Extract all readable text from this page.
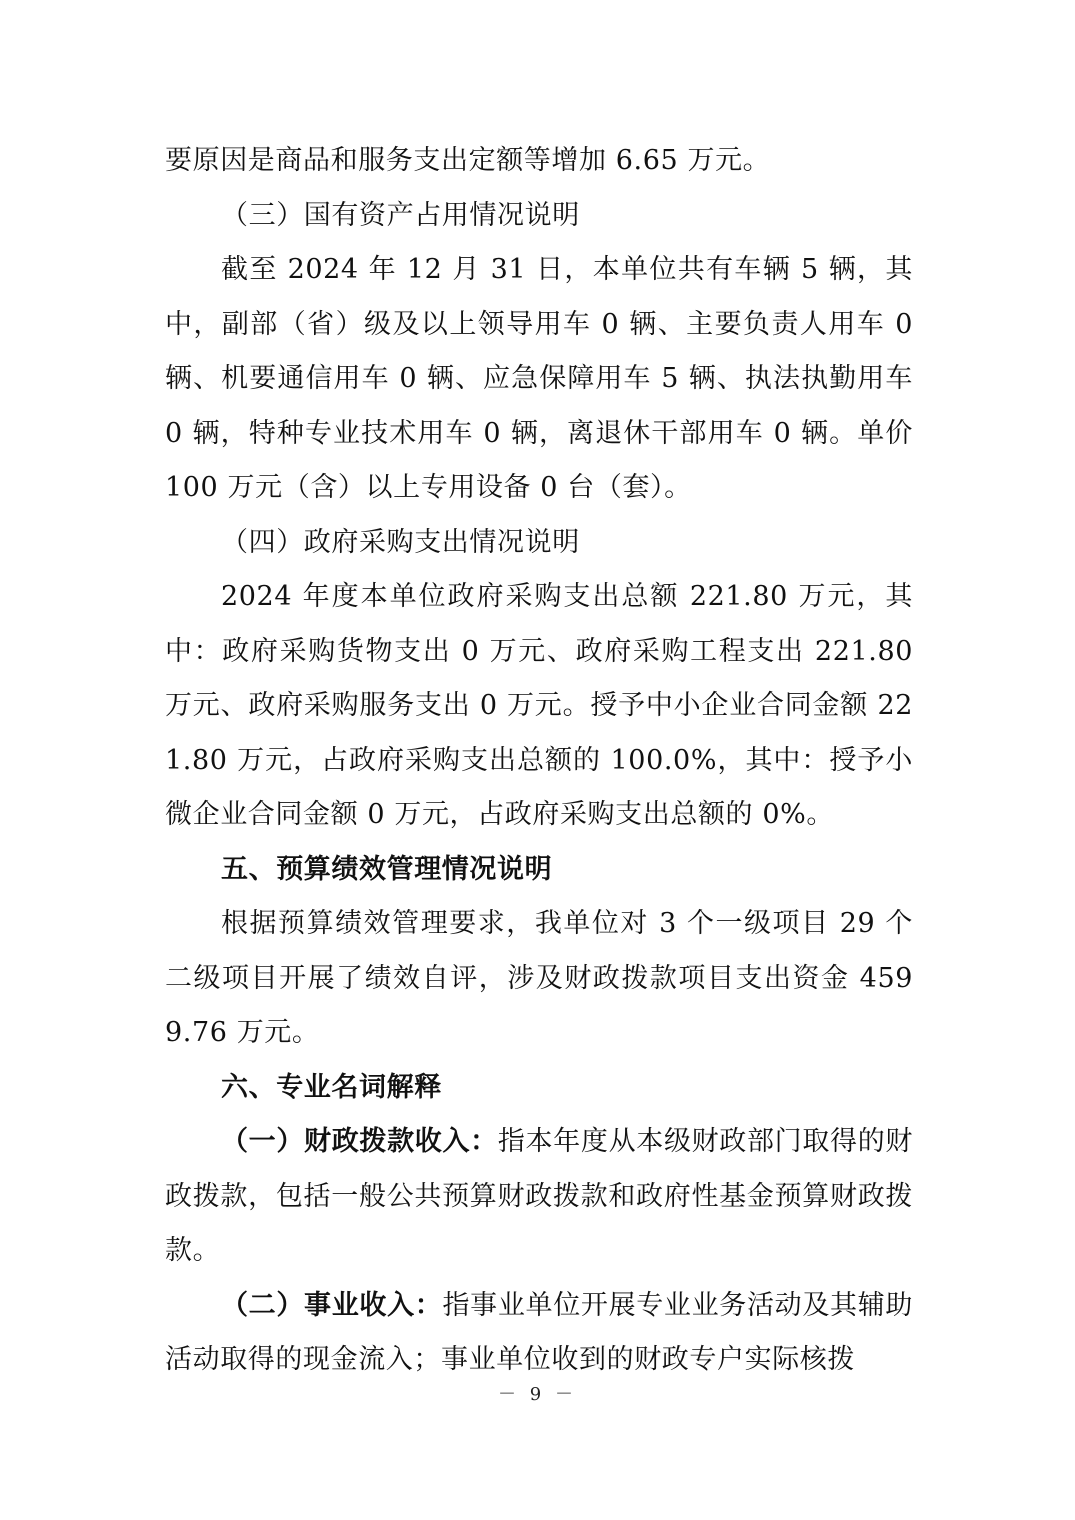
要原因是商品和服务支出定额等增加 6.65 万元。

（三）国有资产占用情况说明

截至 2024 年 12 月 31 日，本单位共有车辆 5 辆，其中，副部（省）级及以上领导用车 0 辆、主要负责人用车 0 辆、机要通信用车 0 辆、应急保障用车 5 辆、执法执勤用车 0 辆，特种专业技术用车 0 辆，离退休干部用车 0 辆。单价 100 万元（含）以上专用设备 0 台（套）。

（四）政府采购支出情况说明

2024 年度本单位政府采购支出总额 221.80 万元，其中：政府采购货物支出 0 万元、政府采购工程支出 221.80 万元、政府采购服务支出 0 万元。授予中小企业合同金额 221.80 万元，占政府采购支出总额的 100.0%，其中：授予小微企业合同金额 0 万元，占政府采购支出总额的 0%。

五、预算绩效管理情况说明

根据预算绩效管理要求，我单位对 3 个一级项目 29 个二级项目开展了绩效自评，涉及财政拨款项目支出资金 4599.76 万元。

六、专业名词解释

（一）财政拨款收入：指本年度从本级财政部门取得的财政拨款，包括一般公共预算财政拨款和政府性基金预算财政拨款。

（二）事业收入：指事业单位开展专业业务活动及其辅助活动取得的现金流入；事业单位收到的财政专户实际核拨

－ 9 －
